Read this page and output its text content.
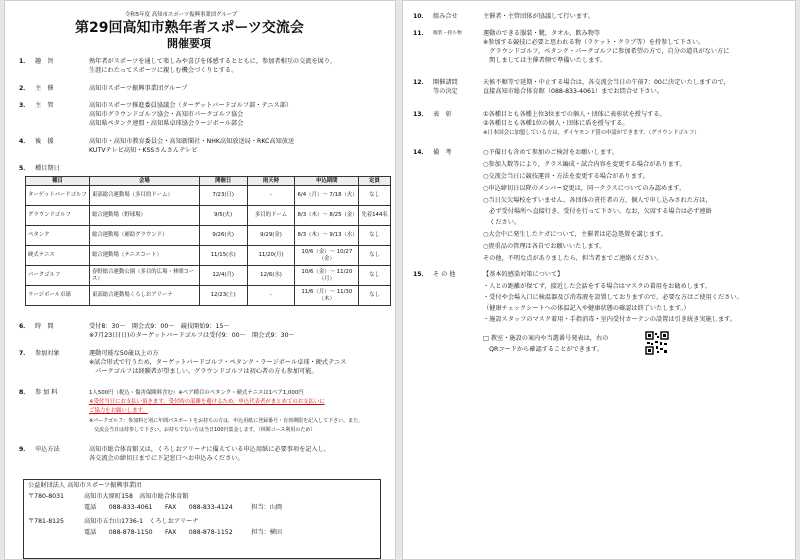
令和5年度 高知市スポーツ振興事業団グループ
第29回高知市熟年者スポーツ交流会
開催要項
1． 趣　旨	熟年者がスポーツを通して楽しみや喜びを体感するとともに，参加者相互の交流を図り，
生涯にわたってスポーツに親しむ機会づくりとする。
2． 主　催	高知市スポーツ振興事業団グループ
3． 主　管	高知市スポーツ推進委員協議会（ターゲットバードゴルフ部・テニス部）
高知市グラウンドゴルフ協会・高知市パークゴルフ協会
高知県ペタンク連盟・高知県卓球協会ラージボール部会
4． 後　援	高知市・高知市教育委員会・高知新聞社・NHK高知放送局・RKC高知放送
KUTVテレビ高知・KSSさんさんテレビ
5． 種目期日
種目	会場	開催日	雨天時	申込期間	定員
ターゲットバードゴルフ	東部総合運動場（多目的ドーム）	7/23(日)	-	6/4（月）～ 7/18（火）	なし
グラウンドゴルフ	総合運動場（野球場）	9/5(火)	多目的ドーム	8/3（木）～ 8/25（金）	先着144名
ペタンク	総合運動場（補助グラウンド）	9/26(火)	9/29(金)	8/3（木）～ 9/13（水）	なし
硬式テニス	総合運動場（テニスコート）	11/15(水)	11/20(月)	10/6（金）～ 10/27（金）	なし
パークゴルフ	春野総合運動公園（多目的広場・林間コース）	12/4(月)	12/6(水)	10/6（金）～ 11/20（月）	なし
ラージボール卓球	東部総合運動場くろしおアリーナ	12/23(土)	-	11/6（月）～ 11/30（木）	なし
6． 時　間	受付8：30～　開会式9：00～　競技開始9：15～
※7月23日(日)のターゲットバードゴルフは受付9：00～　開会式9：30～
7． 参加対象	運動可能な50歳以上の方
※試合形式で行うため，ターゲットバードゴルフ・ペタンク・ラージボール卓球・硬式テニス
　パークゴルフは経験者が望ましい。グラウンドゴルフは初心者の方も参加可能。
8． 参 加 料	1人500円（税込・傷害保険料含む）※ペア種目のペタンク・硬式テニスは1ペア1,000円
※受付当日にお支払い頂きます。受付時の混雑を避けるため，申込代表者がまとめてのお支払いに
ご協力をお願いします。
※パークゴルフ：参加料と別に年間パスポートをお持ちの方は，申込用紙に登録番号・有効期限を記入して下さい。また，
　交流会当日は持参して下さい。お持ちでない方は当日100円集金します。（林間コース利用のため）
9． 申込方法	高知市総合体育館又は，くろしおアリーナに備えている申込用紙に必要事項を記入し，
各交流会の締切日までに下記窓口へお申込みください。
公益財団法人 高知市スポーツ振興事業団
〒780-8031	高知市大原町158　高知市総合体育館
電話　　088-833-4061　　FAX　　088-833-4124　　　担当：山岡
〒781-8125	高知市五台山1736-1　くろしおアリーナ
電話　　088-878-1150　　FAX　　088-878-1152　　　担当：横田
10． 組み合せ	主催者・主管団体が協議して行います。
11． 服装・持ち物	運動のできる服装・靴，タオル，飲み物等
※参加する競技に必要と思われる物（ラケット・クラブ等）を持参して下さい。
　グラウンドゴルフ，ペタンク・パークゴルフに参加希望の方で，自分の道具がない方に
　関しましては主催者側で準備いたします。
12． 開催諸問
等の決定
天候不順等で延期・中止する場合は，各交流会当日の午前7：00に決定いたしますので，
直接高知市総合体育館（088-833-4061）までお問合せ下さい。
13． 表　彰	①各種目とも各種上位3位までの個人・団体に表彰状を授与する。
②各種目とも各種1位の個人・団体に盾を授与する。
※日本国会に加盟している方は，ダイヤモンド賞の申請ができます。（グラウンドゴルフ）
14． 備　考	○予備日も含めて参加のご検討をお願いします。
○参加人数等により，クラス編成・試合内容を変更する場合があります。
○交流会当日に競技運営・方法を変更する場合があります。
○申込締切日以降のメンバー変更は，同一クラスについてのみ認めます。
○当日欠欠場校をすいません。各団体の責任者の方，個人で申し込みされた方は，
　必ず受付場所へ直接行き，受付を行って下さい。なお，欠席する場合は必ず連絡
　ください。
○大会中に発生したケガについて，主催者は応急処置を講じます。
○貴重品の管理は各自でお願いいたします。
その他，不明な点がありましたら，担当者までご連絡ください。
15． そ の 他	【基本的感染対策について】
・人との距離が保てず，接近した会話をする場合はマスクの着用をお勧めします。
・受付や会場入口に検温器及び消毒液を設置しておりますので，必要な方はご使用ください。
（健康チェックシートへの体温記入や健康状態の確認は終了いたします。）
・施設スタッフのマスク着用・手指消毒・室内受付カーテンの設置は引き続き実施します。
□ 教室・施設の案内や当選番号発表は，右の
　QRコードから確認することができます。
